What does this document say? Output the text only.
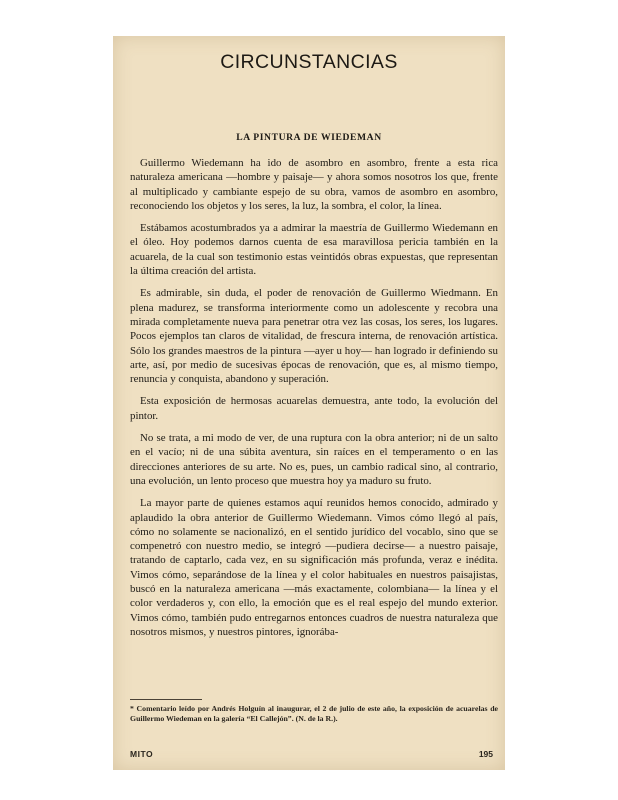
CIRCUNSTANCIAS
LA PINTURA DE WIEDEMAN

Guillermo Wiedemann ha ido de asombro en asombro, frente a esta rica naturaleza americana —hombre y paisaje— y ahora somos nosotros los que, frente al multiplicado y cambiante espejo de su obra, vamos de asombro en asombro, reconociendo los objetos y los seres, la luz, la sombra, el color, la línea.

Estábamos acostumbrados ya a admirar la maestría de Guillermo Wiedemann en el óleo. Hoy podemos darnos cuenta de esa maravillosa pericia también en la acuarela, de la cual son testimonio estas veintidós obras expuestas, que representan la última creación del artista.

Es admirable, sin duda, el poder de renovación de Guillermo Wiedmann. En plena madurez, se transforma interiormente como un adolescente y recobra una mirada completamente nueva para penetrar otra vez las cosas, los seres, los lugares. Pocos ejemplos tan claros de vitalidad, de frescura interna, de renovación artística. Sólo los grandes maestros de la pintura —ayer u hoy— han logrado ir definiendo su arte, así, por medio de sucesivas épocas de renovación, que es, al mismo tiempo, renuncia y conquista, abandono y superación.

Esta exposición de hermosas acuarelas demuestra, ante todo, la evolución del pintor.

No se trata, a mi modo de ver, de una ruptura con la obra anterior; ni de un salto en el vacío; ni de una súbita aventura, sin raíces en el temperamento o en las direcciones anteriores de su arte. No es, pues, un cambio radical sino, al contrario, una evolución, un lento proceso que muestra hoy ya maduro su fruto.

La mayor parte de quienes estamos aquí reunidos hemos conocido, admirado y aplaudido la obra anterior de Guillermo Wiedemann. Vimos cómo llegó al país, cómo no solamente se nacionalizó, en el sentido jurídico del vocablo, sino que se compenetró con nuestro medio, se integró —pudiera decirse— a nuestro paisaje, tratando de captarlo, cada vez, en su significación más profunda, veraz e inédita. Vimos cómo, separándose de la línea y el color habituales en nuestros paisajistas, buscó en la naturaleza americana —más exactamente, colombiana— la línea y el color verdaderos y, con ello, la emoción que es el real espejo del mundo exterior. Vimos cómo, también pudo entregarnos entonces cuadros de nuestra naturaleza que nosotros mismos, y nuestros pintores, ignorába-

* Comentario leído por Andrés Holguín al inaugurar, el 2 de julio de este año, la exposición de acuarelas de Guillermo Wiedeman en la galería “El Callejón”. (N. de la R.).
MITO	195
